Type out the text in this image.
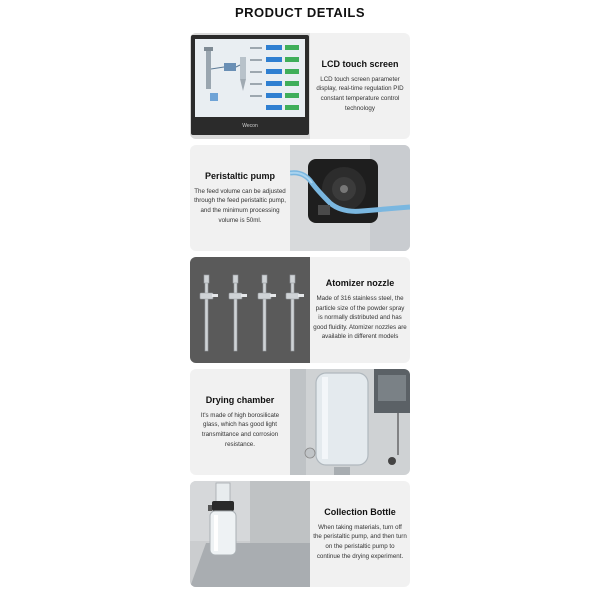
PRODUCT DETAILS
Wecon
LCD touch screen

LCD touch screen parameter display, real-time regulation PID constant temperature control technology

Peristaltic pump

The feed volume can be adjusted through the feed peristaltic pump, and the minimum processing volume is 50ml.

Atomizer nozzle

Made of 316 stainless steel, the particle size of the powder spray is normally distributed and has good fluidity. Atomizer nozzles are available in different models

Drying chamber

It's made of high borosilicate glass, which has good light transmittance and corrosion resistance.

Collection Bottle

When taking materials, turn off the peristaltic pump, and then turn on the peristaltic pump to continue the drying experiment.
